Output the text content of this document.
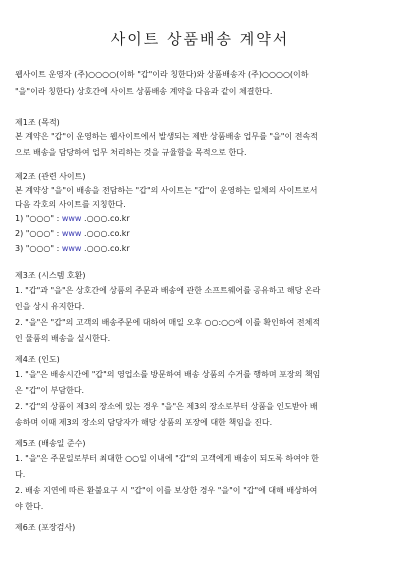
사이트 상품배송 계약서
웹사이트 운영자 (주)○○○○(이하 "갑"이라 칭한다)와 상품배송자 (주)○○○○(이하
"을"이라 칭한다) 상호간에 사이트 상품배송 계약을 다음과 같이 체결한다.
제1조 (목적)
본 계약은 "갑"이 운영하는 웹사이트에서 발생되는 제반 상품배송 업무를 "을"이 전속적
으로 배송을 담당하여 업무 처리하는 것을 규율함을 목적으로 한다.
제2조 (관련 사이트)
본 계약상 "을"이 배송을 전담하는 "갑"의 사이트는 "갑"이 운영하는 일체의 사이트로서
다음 각호의 사이트를 지칭한다.
1) "○○○" : www .○○○.co.kr
2) "○○○" : www .○○○.co.kr
3) "○○○" : www .○○○.co.kr
제3조 (시스템 호환)
1. "갑"과 "을"은 상호간에 상품의 주문과 배송에 관한 소프트웨어를 공유하고 해당 온라
인을 상시 유지한다.
2. "을"은 "갑"의 고객의 배송주문에 대하여 매일 오후 ○○:○○에 이를 확인하여 전체적
인 물품의 배송을 실시한다.
제4조 (인도)
1. "을"은 배송시간에 "갑"의 영업소를 방문하여 배송 상품의 수거를 행하며 포장의 책임
은 "갑"이 부담한다.
2. "갑"의 상품이 제3의 장소에 있는 경우 "을"은 제3의 장소로부터 상품을 인도받아 배
송하며 이때 제3의 장소의 담당자가 해당 상품의 포장에 대한 책임을 진다.
제5조 (배송일 준수)
1. "을"은 주문일로부터 최대한 ○○일 이내에 "갑"의 고객에게 배송이 되도록 하여야 한
다.
2. 배송 지연에 따른 환불요구 시 "갑"이 이를 보상한 경우 "을"이 "갑"에 대해 배상하여
야 한다.
제6조 (포장검사)
